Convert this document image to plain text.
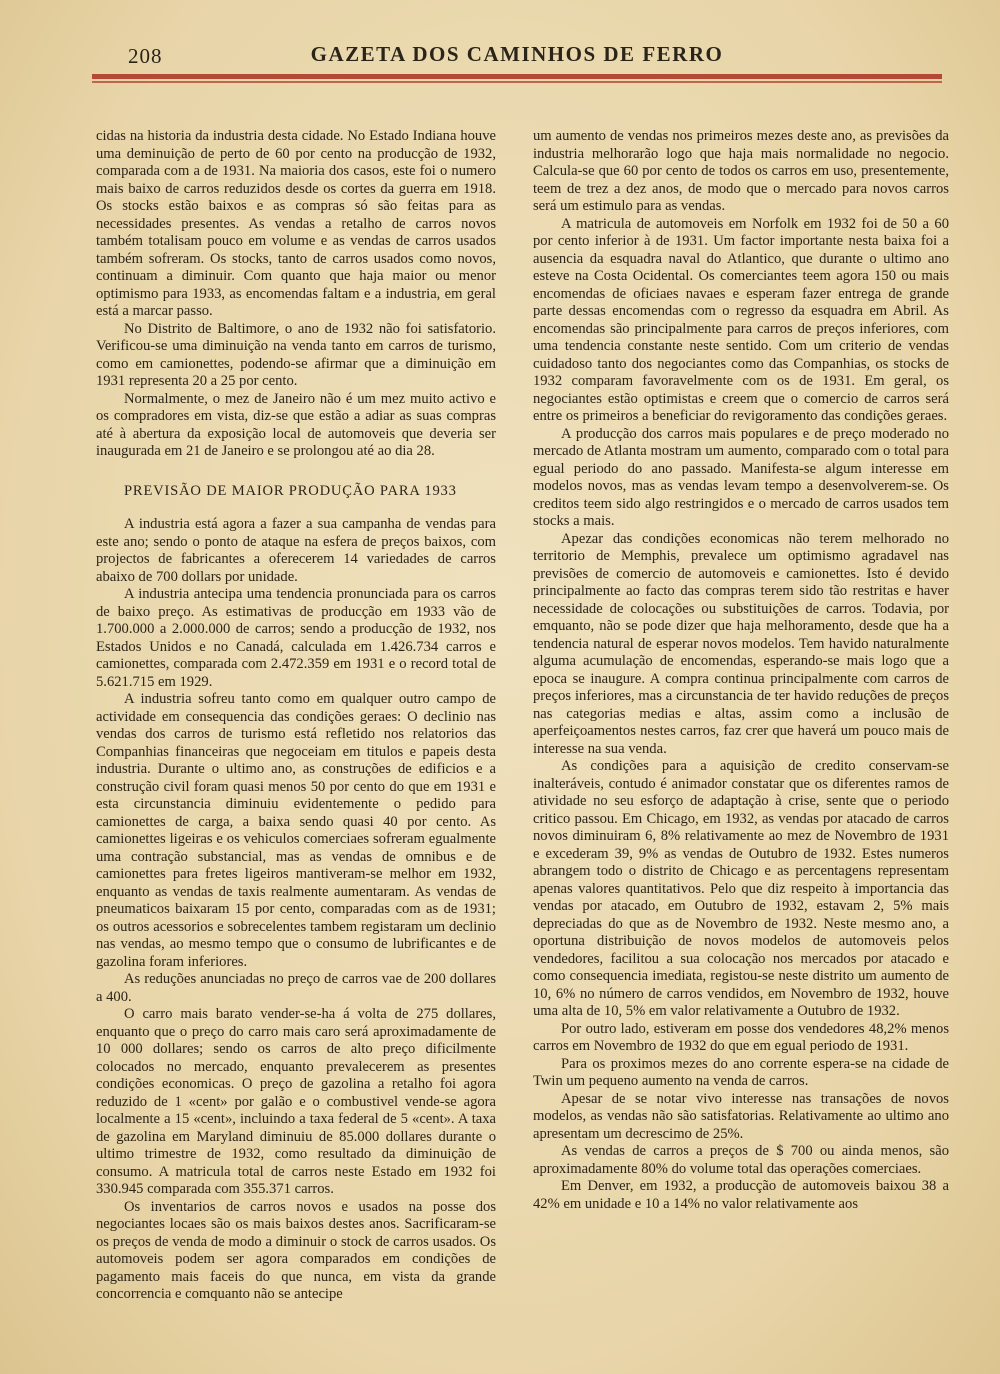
208	GAZETA DOS CAMINHOS DE FERRO

cidas na historia da industria desta cidade. No Estado Indiana houve uma deminuição de perto de 60 por cento na producção de 1932, comparada com a de 1931. Na maioria dos casos, este foi o numero mais baixo de carros reduzidos desde os cortes da guerra em 1918. Os stocks estão baixos e as compras só são feitas para as necessidades presentes. As vendas a retalho de carros novos também totalisam pouco em volume e as vendas de carros usados também sofreram. Os stocks, tanto de carros usados como novos, continuam a diminuir. Com quanto que haja maior ou menor optimismo para 1933, as encomendas faltam e a industria, em geral está a marcar passo.

No Distrito de Baltimore, o ano de 1932 não foi satisfatorio. Verificou-se uma diminuição na venda tanto em carros de turismo, como em camionettes, podendo-se afirmar que a diminuição em 1931 representa 20 a 25 por cento.

Normalmente, o mez de Janeiro não é um mez muito activo e os compradores em vista, diz-se que estão a adiar as suas compras até à abertura da exposição local de automoveis que deveria ser inaugurada em 21 de Janeiro e se prolongou até ao dia 28.

PREVISÃO DE MAIOR PRODUÇÃO PARA 1933

A industria está agora a fazer a sua campanha de vendas para este ano; sendo o ponto de ataque na esfera de preços baixos, com projectos de fabricantes a oferecerem 14 variedades de carros abaixo de 700 dollars por unidade.

A industria antecipa uma tendencia pronunciada para os carros de baixo preço. As estimativas de producção em 1933 vão de 1.700.000 a 2.000.000 de carros; sendo a producção de 1932, nos Estados Unidos e no Canadá, calculada em 1.426.734 carros e camionettes, comparada com 2.472.359 em 1931 e o record total de 5.621.715 em 1929.

A industria sofreu tanto como em qualquer outro campo de actividade em consequencia das condições geraes: O declinio nas vendas dos carros de turismo está refletido nos relatorios das Companhias financeiras que negoceiam em titulos e papeis desta industria. Durante o ultimo ano, as construções de edificios e a construção civil foram quasi menos 50 por cento do que em 1931 e esta circunstancia diminuiu evidentemente o pedido para camionettes de carga, a baixa sendo quasi 40 por cento. As camionettes ligeiras e os vehiculos comerciaes sofreram egualmente uma contração substancial, mas as vendas de omnibus e de camionettes para fretes ligeiros mantiveram-se melhor em 1932, enquanto as vendas de taxis realmente aumentaram. As vendas de pneumaticos baixaram 15 por cento, comparadas com as de 1931; os outros acessorios e sobrecelentes tambem registaram um declinio nas vendas, ao mesmo tempo que o consumo de lubrificantes e de gazolina foram inferiores.

As reduções anunciadas no preço de carros vae de 200 dollares a 400.

O carro mais barato vender-se-ha á volta de 275 dollares, enquanto que o preço do carro mais caro será aproximadamente de 10 000 dollares; sendo os carros de alto preço dificilmente colocados no mercado, enquanto prevalecerem as presentes condições economicas. O preço de gazolina a retalho foi agora reduzido de 1 «cent» por galão e o combustivel vende-se agora localmente a 15 «cent», incluindo a taxa federal de 5 «cent». A taxa de gazolina em Maryland diminuiu de 85.000 dollares durante o ultimo trimestre de 1932, como resultado da diminuição de consumo. A matricula total de carros neste Estado em 1932 foi 330.945 comparada com 355.371 carros.

Os inventarios de carros novos e usados na posse dos negociantes locaes são os mais baixos destes anos. Sacrificaram-se os preços de venda de modo a diminuir o stock de carros usados. Os automoveis podem ser agora comparados em condições de pagamento mais faceis do que nunca, em vista da grande concorrencia e comquanto não se antecipe

um aumento de vendas nos primeiros mezes deste ano, as previsões da industria melhorarão logo que haja mais normalidade no negocio. Calcula-se que 60 por cento de todos os carros em uso, presentemente, teem de trez a dez anos, de modo que o mercado para novos carros será um estimulo para as vendas.

A matricula de automoveis em Norfolk em 1932 foi de 50 a 60 por cento inferior à de 1931. Um factor importante nesta baixa foi a ausencia da esquadra naval do Atlantico, que durante o ultimo ano esteve na Costa Ocidental. Os comerciantes teem agora 150 ou mais encomendas de oficiaes navaes e esperam fazer entrega de grande parte dessas encomendas com o regresso da esquadra em Abril. As encomendas são principalmente para carros de preços inferiores, com uma tendencia constante neste sentido. Com um criterio de vendas cuidadoso tanto dos negociantes como das Companhias, os stocks de 1932 comparam favoravelmente com os de 1931. Em geral, os negociantes estão optimistas e creem que o comercio de carros será entre os primeiros a beneficiar do revigoramento das condições geraes.

A producção dos carros mais populares e de preço moderado no mercado de Atlanta mostram um aumento, comparado com o total para egual periodo do ano passado. Manifesta-se algum interesse em modelos novos, mas as vendas levam tempo a desenvolverem-se. Os creditos teem sido algo restringidos e o mercado de carros usados tem stocks a mais.

Apezar das condições economicas não terem melhorado no territorio de Memphis, prevalece um optimismo agradavel nas previsões de comercio de automoveis e camionettes. Isto é devido principalmente ao facto das compras terem sido tão restritas e haver necessidade de colocações ou substituições de carros. Todavia, por emquanto, não se pode dizer que haja melhoramento, desde que ha a tendencia natural de esperar novos modelos. Tem havido naturalmente alguma acumulação de encomendas, esperando-se mais logo que a epoca se inaugure. A compra continua principalmente com carros de preços inferiores, mas a circunstancia de ter havido reduções de preços nas categorias medias e altas, assim como a inclusão de aperfeiçoamentos nestes carros, faz crer que haverá um pouco mais de interesse na sua venda.

As condições para a aquisição de credito conservam-se inalteráveis, contudo é animador constatar que os diferentes ramos de atividade no seu esforço de adaptação à crise, sente que o periodo critico passou. Em Chicago, em 1932, as vendas por atacado de carros novos diminuiram 6, 8% relativamente ao mez de Novembro de 1931 e excederam 39, 9% as vendas de Outubro de 1932. Estes numeros abrangem todo o distrito de Chicago e as percentagens representam apenas valores quantitativos. Pelo que diz respeito à importancia das vendas por atacado, em Outubro de 1932, estavam 2, 5% mais depreciadas do que as de Novembro de 1932. Neste mesmo ano, a oportuna distribuição de novos modelos de automoveis pelos vendedores, facilitou a sua colocação nos mercados por atacado e como consequencia imediata, registou-se neste distrito um aumento de 10, 6% no número de carros vendidos, em Novembro de 1932, houve uma alta de 10, 5% em valor relativamente a Outubro de 1932.

Por outro lado, estiveram em posse dos vendedores 48,2% menos carros em Novembro de 1932 do que em egual periodo de 1931.

Para os proximos mezes do ano corrente espera-se na cidade de Twin um pequeno aumento na venda de carros.

Apesar de se notar vivo interesse nas transações de novos modelos, as vendas não são satisfatorias. Relativamente ao ultimo ano apresentam um decrescimo de 25%.

As vendas de carros a preços de $ 700 ou ainda menos, são aproximadamente 80% do volume total das operações comerciaes.

Em Denver, em 1932, a producção de automoveis baixou 38 a 42% em unidade e 10 a 14% no valor relativamente aos
